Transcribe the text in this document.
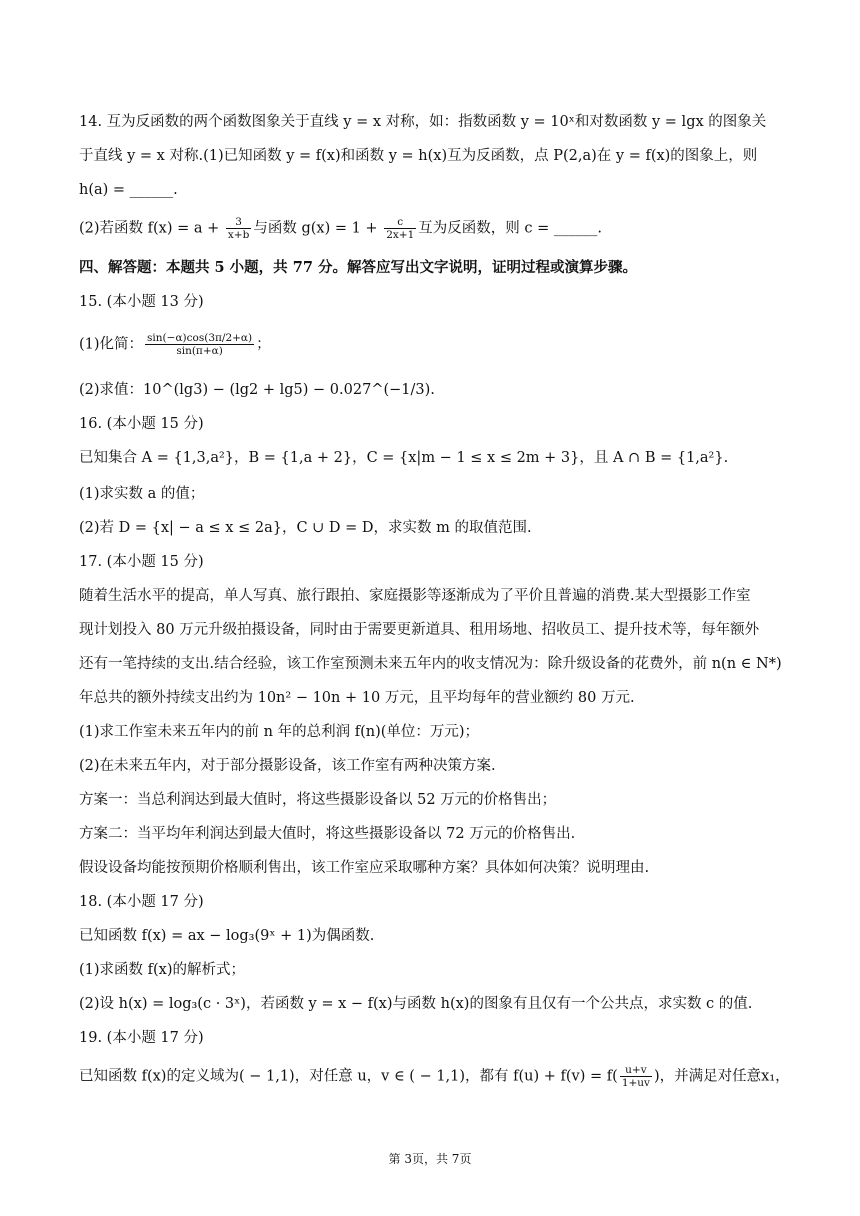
14. 互为反函数的两个函数图象关于直线 y = x 对称，如：指数函数 y = 10ˣ和对数函数 y = lgx 的图象关
于直线 y = x 对称.(1)已知函数 y = f(x)和函数 y = h(x)互为反函数，点 P(2,a)在 y = f(x)的图象上，则
h(a) = ______.
(2)若函数 $f(x) = a + \frac{3}{x+b}$ 与函数 $g(x) = 1 + \frac{c}{2x+1}$ 互为反函数，则 c = ______.
四、解答题：本题共 5 小题，共 77 分。解答应写出文字说明，证明过程或演算步骤。
15. (本小题 13 分)
(1)化简： $\frac{\sin(-\alpha)\cos(3\pi/2+\alpha)}{\sin(\pi+\alpha)}$ ；
(2)求值：10^(lg3) − (lg2 + lg5) − 0.027^(−1/3).
16. (本小题 15 分)
已知集合 A = {1,3,a²}，B = {1,a + 2}，C = {x|m − 1 ≤ x ≤ 2m + 3}，且 A ∩ B = {1,a²}.
(1)求实数 a 的值；
(2)若 D = {x| − a ≤ x ≤ 2a}，C ∪ D = D，求实数 m 的取值范围.
17. (本小题 15 分)
随着生活水平的提高，单人写真、旅行跟拍、家庭摄影等逐渐成为了平价且普遍的消费.某大型摄影工作室
现计划投入 80 万元升级拍摄设备，同时由于需要更新道具、租用场地、招收员工、提升技术等，每年额外
还有一笔持续的支出.结合经验，该工作室预测未来五年内的收支情况为：除升级设备的花费外，前 n(n ∈ N*)
年总共的额外持续支出约为 10n² − 10n + 10 万元，且平均每年的营业额约 80 万元.
(1)求工作室未来五年内的前 n 年的总利润 f(n)(单位：万元)；
(2)在未来五年内，对于部分摄影设备，该工作室有两种决策方案.
方案一：当总利润达到最大值时，将这些摄影设备以 52 万元的价格售出；
方案二：当平均年利润达到最大值时，将这些摄影设备以 72 万元的价格售出.
假设设备均能按预期价格顺利售出，该工作室应采取哪种方案？具体如何决策？说明理由.
18. (本小题 17 分)
已知函数 f(x) = ax − log₃(9ˣ + 1)为偶函数.
(1)求函数 f(x)的解析式；
(2)设 h(x) = log₃(c · 3ˣ)，若函数 y = x − f(x)与函数 h(x)的图象有且仅有一个公共点，求实数 c 的值.
19. (本小题 17 分)
已知函数 f(x)的定义域为( − 1,1)，对任意 u，v ∈ ( − 1,1)，都有 $f(u) + f(v) = f( \frac{u+v}{1+uv}$ )，并满足对任意x₁，
第 3页，共 7页
